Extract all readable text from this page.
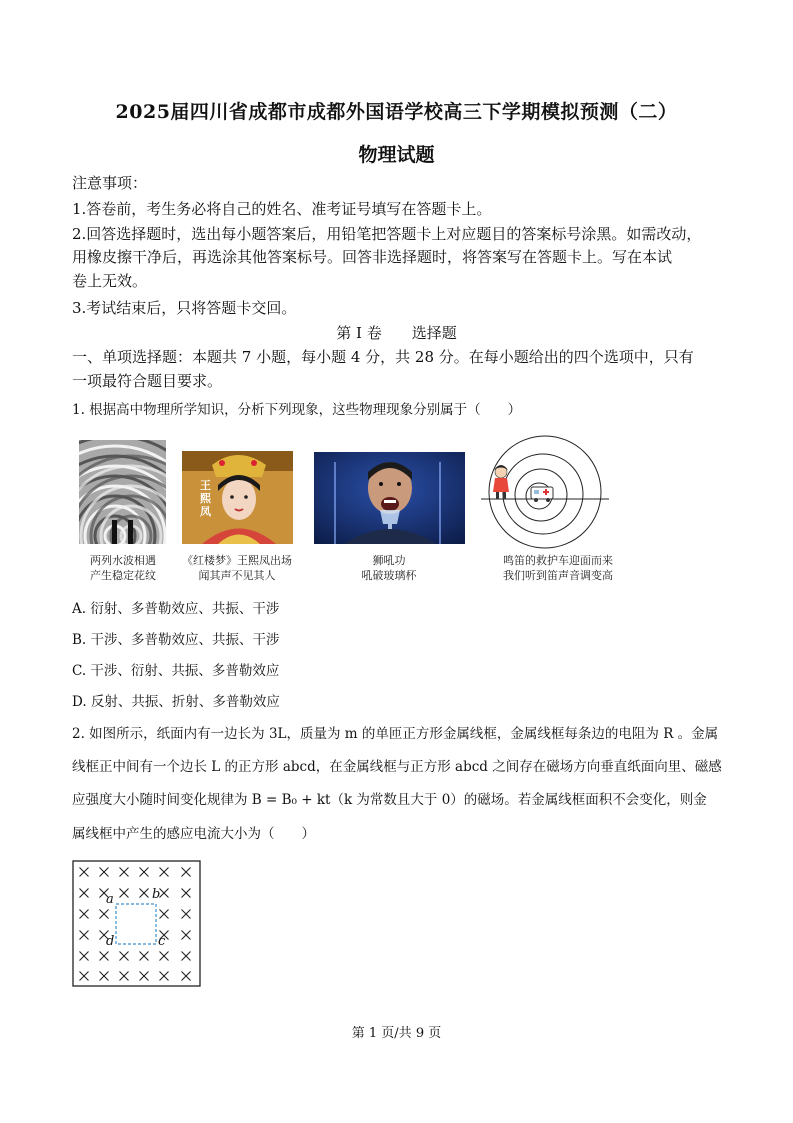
2025届四川省成都市成都外国语学校高三下学期模拟预测（二）
物理试题
注意事项：
1.答卷前，考生务必将自己的姓名、准考证号填写在答题卡上。
2.回答选择题时，选出每小题答案后，用铅笔把答题卡上对应题目的答案标号涂黑。如需改动，
用橡皮擦干净后，再选涂其他答案标号。回答非选择题时，将答案写在答题卡上。写在本试
卷上无效。
3.考试结束后，只将答题卡交回。
第 I 卷　　选择题
一、单项选择题：本题共 7 小题，每小题 4 分，共 28 分。在每小题给出的四个选项中，只有
一项最符合题目要求。
1. 根据高中物理所学知识，分析下列现象，这些物理现象分别属于（　　）
两列水波相遇
产生稳定花纹
王熙凤
《红楼梦》王熙凤出场
闻其声不见其人
狮吼功
吼破玻璃杯
鸣笛的救护车迎面而来
我们听到笛声音调变高
A. 衍射、多普勒效应、共振、干涉
B. 干涉、多普勒效应、共振、干涉
C. 干涉、衍射、共振、多普勒效应
D. 反射、共振、折射、多普勒效应
2. 如图所示，纸面内有一边长为 3L，质量为 m 的单匝正方形金属线框，金属线框每条边的电阻为 R 。金属
线框正中间有一个边长 L 的正方形 abcd，在金属线框与正方形 abcd 之间存在磁场方向垂直纸面向里、磁感
应强度大小随时间变化规律为 B = B₀ + kt（k 为常数且大于 0）的磁场。若金属线框面积不会变化，则金
属线框中产生的感应电流大小为（　　）
a	b
c
d
第 1 页/共 9 页
